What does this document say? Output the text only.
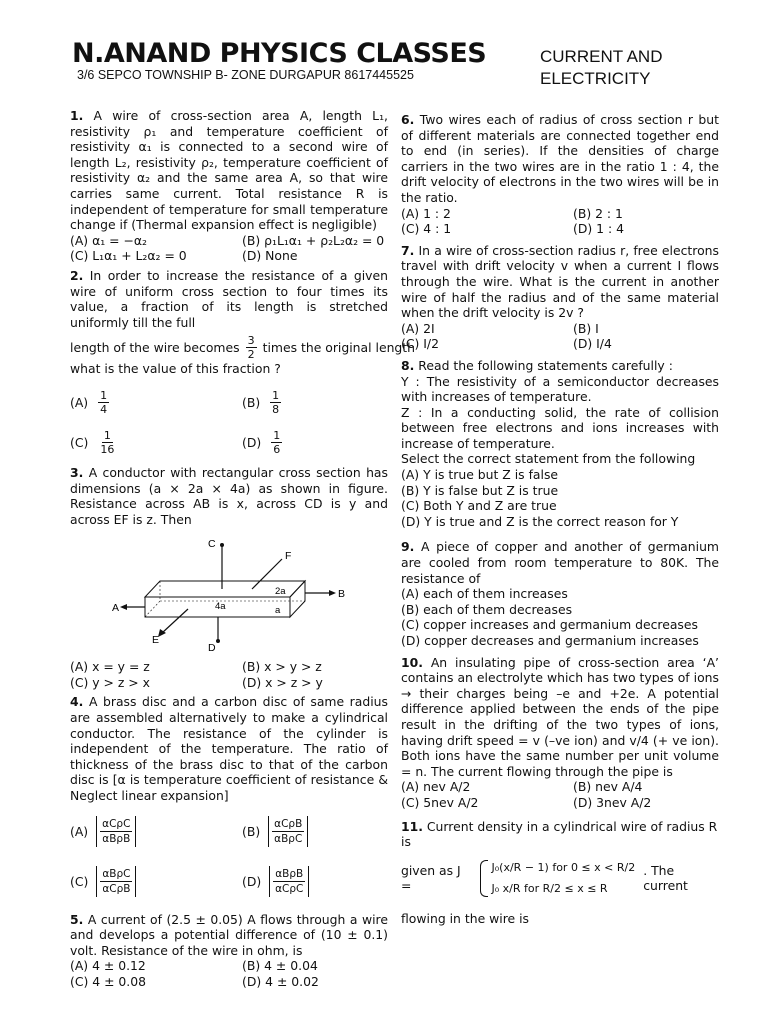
N.ANAND PHYSICS CLASSES
3/6 SEPCO TOWNSHIP B- ZONE DURGAPUR 8617445525
CURRENT AND
ELECTRICITY
1. A wire of cross-section area A, length L₁, resistivity ρ₁ and temperature coefficient of resistivity α₁ is connected to a second wire of length L₂, resistivity ρ₂, temperature coefficient of resistivity α₂ and the same area A, so that wire carries same current. Total resistance R is independent of temperature for small temperature change if (Thermal expansion effect is negligible)
(A) α₁ = −α₂	(B) ρ₁L₁α₁ + ρ₂L₂α₂ = 0
(C) L₁α₁ + L₂α₂ = 0	(D) None
2. In order to increase the resistance of a given wire of uniform cross section to four times its value, a fraction of its length is stretched uniformly till the full
length of the wire becomes $\frac{3}{2}$ times the original length
what is the value of this fraction ?
$(A) \frac{1}{4}$	$(B) \frac{1}{8}$
$(C) \frac{1}{16}$	$(D) \frac{1}{6}$
3. A conductor with rectangular cross section has dimensions (a × 2a × 4a) as shown in figure. Resistance across AB is x, across CD is y and across EF is z. Then
C
F
A
B
E
D
2a
4a	a
(A) x = y = z	(B) x > y > z
(C) y > z > x	(D) x > z > y
4. A brass disc and a carbon disc of same radius are assembled alternatively to make a cylindrical conductor. The resistance of the cylinder is independent of the temperature. The ratio of thickness of the brass disc to that of the carbon disc is [α is temperature coefficient of resistance & Neglect linear expansion]
(A) αCρC
αBρB
(B) αCρB
αBρC
(C) αBρC
αCρB
(D) αBρB
αCρC
5. A current of (2.5 ± 0.05) A flows through a wire and develops a potential difference of (10 ± 0.1) volt. Resistance of the wire in ohm, is
(A) 4 ± 0.12	(B) 4 ± 0.04
(C) 4 ± 0.08	(D) 4 ± 0.02
6. Two wires each of radius of cross section r but of different materials are connected together end to end (in series). If the densities of charge carriers in the two wires are in the ratio 1 : 4, the drift velocity of electrons in the two wires will be in the ratio.
(A) 1 : 2	(B) 2 : 1
(C) 4 : 1	(D) 1 : 4
7. In a wire of cross-section radius r, free electrons travel with drift velocity v when a current I flows through the wire. What is the current in another wire of half the radius and of the same material when the drift velocity is 2v ?
(A) 2I	(B) I
(C) I/2	(D) I/4
8. Read the following statements carefully :
Y : The resistivity of a semiconductor decreases with increases of temperature.
Z : In a conducting solid, the rate of collision between free electrons and ions increases with increase of temperature.
Select the correct statement from the following
(A) Y is true but Z is false
(B) Y is false but Z is true
(C) Both Y and Z are true
(D) Y is true and Z is the correct reason for Y
9. A piece of copper and another of germanium are cooled from room temperature to 80K. The resistance of
(A) each of them increases
(B) each of them decreases
(C) copper increases and germanium decreases
(D) copper decreases and germanium increases
10. An insulating pipe of cross-section area ‘A’ contains an electrolyte which has two types of ions → their charges being –e and +2e. A potential difference applied between the ends of the pipe result in the drifting of the two types of ions, having drift speed = v (–ve ion) and v/4 (+ ve ion). Both ions have the same number per unit volume = n. The current flowing through the pipe is
(A) nev A/2	(B) nev A/4
(C) 5nev A/2	(D) 3nev A/2
11. Current density in a cylindrical wire of radius R is
given as J =
J₀(x/R − 1) for 0 ≤ x < R/2
J₀ x/R for R/2 ≤ x ≤ R
. The current
flowing in the wire is
